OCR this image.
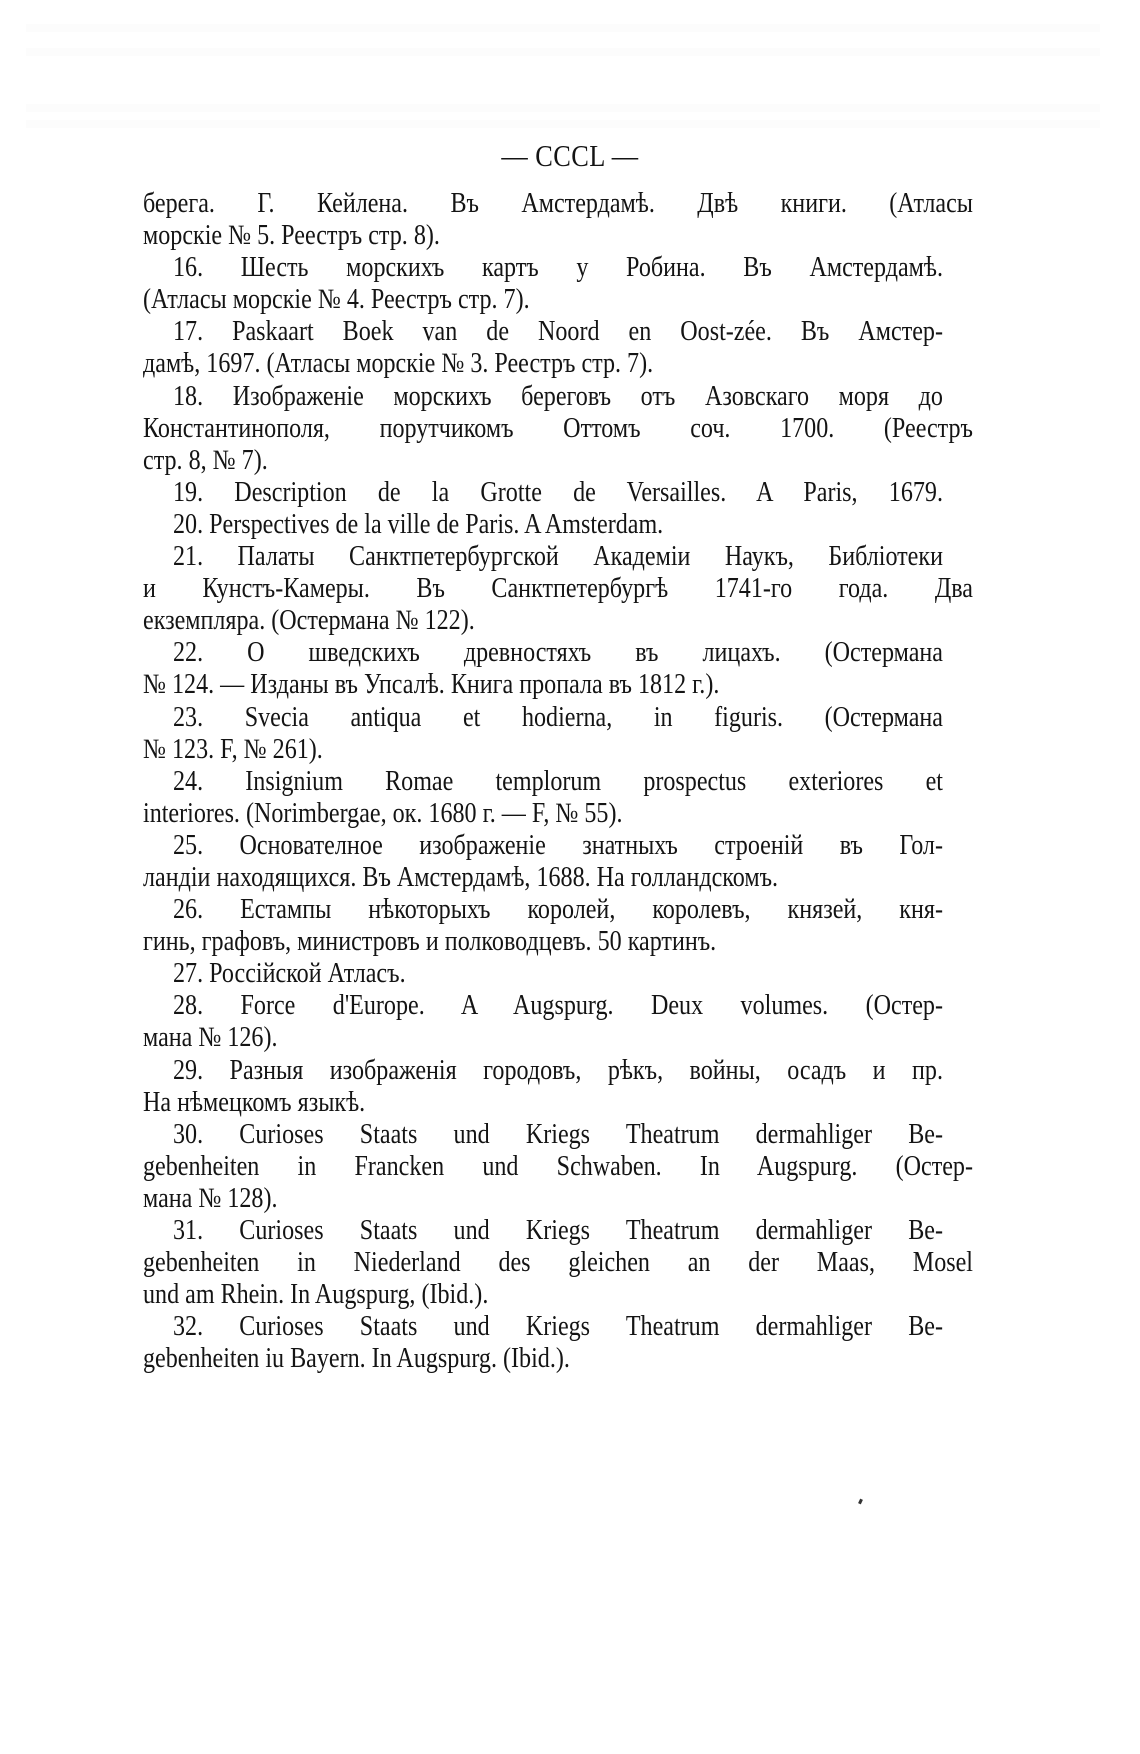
— CCCL —
берега. Г. Кейлена. Въ Амстердамѣ. Двѣ книги. (Атласы
морскіе № 5. Реестръ стр. 8).
16. Шесть морскихъ картъ у Робина. Въ Амстердамѣ.
(Атласы морскіе № 4. Реестръ стр. 7).
17. Paskaart Boek van de Noord en Oost-zée. Въ Амстер-
дамѣ, 1697. (Атласы морскіе № 3. Реестръ стр. 7).
18. Изображеніе морскихъ береговъ отъ Азовскаго моря до
Константинополя, порутчикомъ Оттомъ соч. 1700. (Реестръ
стр. 8, № 7).
19. Description de la Grotte de Versailles. A Paris, 1679.
20. Perspectives de la ville de Paris. A Amsterdam.
21. Палаты Санктпетербургской Академіи Наукъ, Библіотеки
и Кунстъ-Камеры. Въ Санктпетербургѣ 1741-го года. Два
екземпляра. (Остермана № 122).
22. О шведскихъ древностяхъ въ лицахъ. (Остермана
№ 124. — Изданы въ Упсалѣ. Книга пропала въ 1812 г.).
23. Svecia antiqua et hodierna, in figuris. (Остермана
№ 123. F, № 261).
24. Insignium Romae templorum prospectus exteriores et
interiores. (Norimbergae, ок. 1680 г. — F, № 55).
25. Основателное изображеніе знатныхъ строеній въ Гол-
ландіи находящихся. Въ Амстердамѣ, 1688. На голландскомъ.
26. Естампы нѣкоторыхъ королей, королевъ, князей, кня-
гинь, графовъ, министровъ и полководцевъ. 50 картинъ.
27. Россійской Атласъ.
28. Force d'Europe. A Augspurg. Deux volumes. (Остер-
мана № 126).
29. Разныя изображенія городовъ, рѣкъ, войны, осадъ и пр.
На нѣмецкомъ языкѣ.
30. Curioses Staats und Kriegs Theatrum dermahliger Be-
gebenheiten in Francken und Schwaben. In Augspurg. (Остер-
мана № 128).
31. Curioses Staats und Kriegs Theatrum dermahliger Be-
gebenheiten in Niederland des gleichen an der Maas, Mosel
und am Rhein. In Augspurg, (Ibid.).
32. Curioses Staats und Kriegs Theatrum dermahliger Be-
gebenheiten iu Bayern. In Augspurg. (Ibid.).
